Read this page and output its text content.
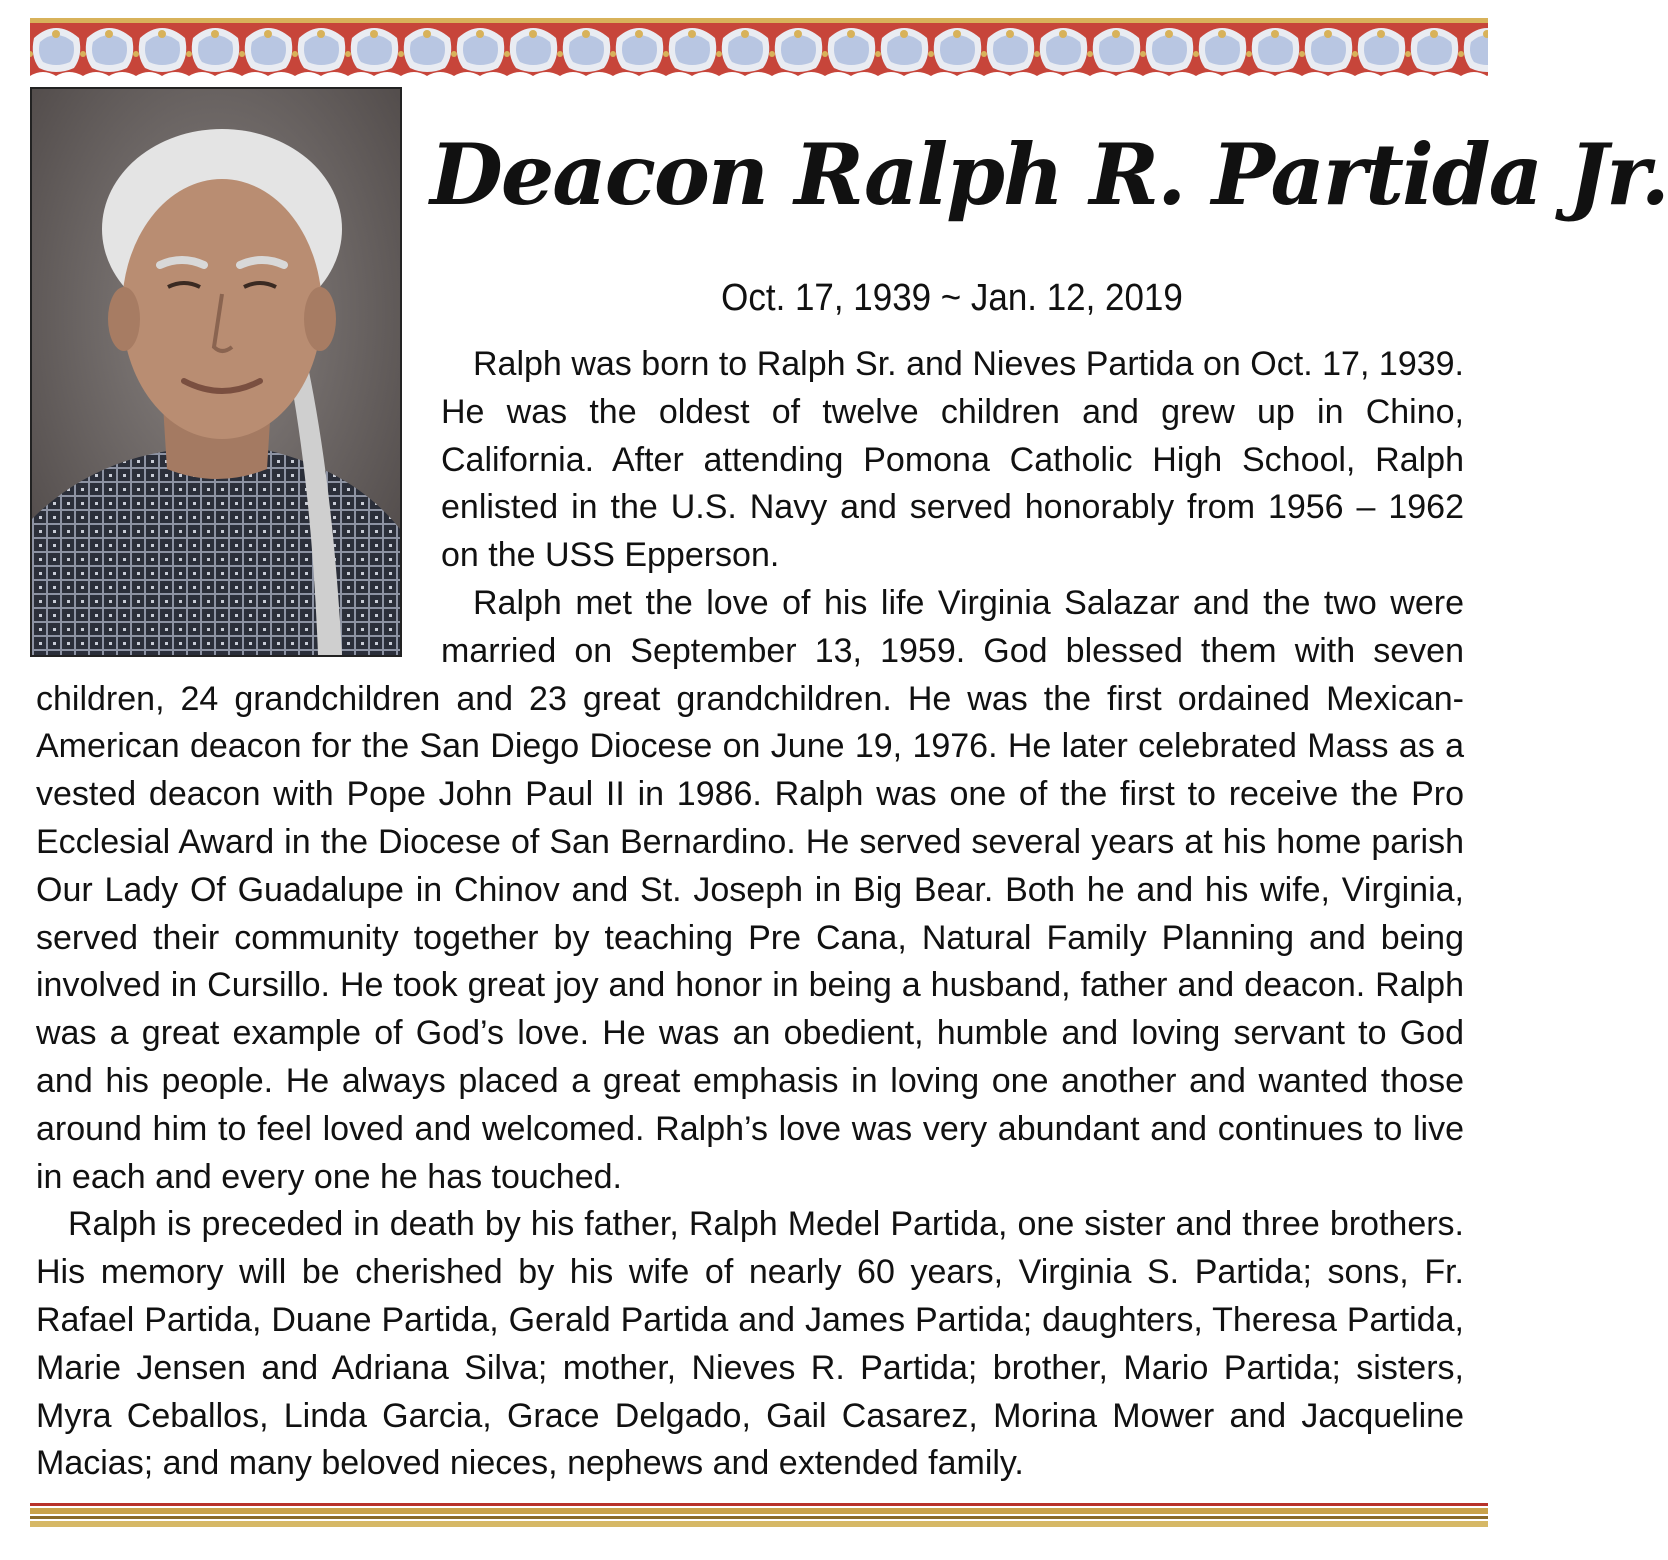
Deacon Ralph R. Partida Jr.
Oct. 17, 1939 ~ Jan. 12, 2019

Ralph was born to Ralph Sr. and Nieves Partida on Oct. 17, 1939. He was the oldest of twelve children and grew up in Chino, California. After attending Pomona Catholic High School, Ralph enlisted in the U.S. Navy and served honorably from 1956 – 1962 on the USS Epperson.

Ralph met the love of his life Virginia Salazar and the two were married on September 13, 1959. God blessed them with seven children, 24 grandchildren and 23 great grandchildren. He was the first ordained Mexican-American deacon for the San Diego Diocese on June 19, 1976. He later celebrated Mass as a vested deacon with Pope John Paul II in 1986. Ralph was one of the first to receive the Pro Ecclesial Award in the Diocese of San Bernardino. He served several years at his home parish Our Lady Of Guadalupe in Chinov and St. Joseph in Big Bear. Both he and his wife, Virginia, served their community together by teaching Pre Cana, Natural Family Planning and being involved in Cursillo. He took great joy and honor in being a husband, father and deacon. Ralph was a great example of God’s love. He was an obedient, humble and loving servant to God and his people. He always placed a great emphasis in loving one another and wanted those around him to feel loved and welcomed. Ralph’s love was very abundant and continues to live in each and every one he has touched.

Ralph is preceded in death by his father, Ralph Medel Partida, one sister and three brothers. His memory will be cherished by his wife of nearly 60 years, Virginia S. Partida; sons, Fr. Rafael Partida, Duane Partida, Gerald Partida and James Partida; daughters, Theresa Partida, Marie Jensen and Adriana Silva; mother, Nieves R. Partida; brother, Mario Partida; sisters, Myra Ceballos, Linda Garcia, Grace Delgado, Gail Casarez, Morina Mower and Jacqueline Macias; and many beloved nieces, nephews and extended family.
